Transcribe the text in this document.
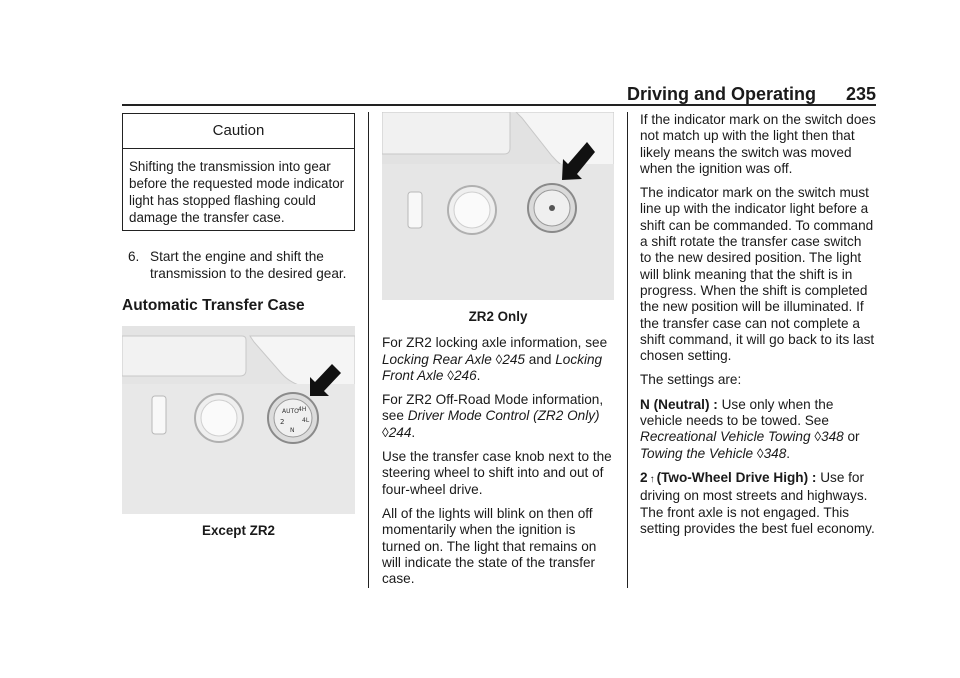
Driving and Operating 235
Caution
Shifting the transmission into gear before the requested mode indicator light has stopped flashing could damage the transfer case.
6. Start the engine and shift the transmission to the desired gear.
Automatic Transfer Case
AUTO
2
4H
4L
N
Except ZR2
ZR2 Only

For ZR2 locking axle information, see Locking Rear Axle ◊245 and Locking Front Axle ◊246.

For ZR2 Off-Road Mode information, see Driver Mode Control (ZR2 Only) ◊244.

Use the transfer case knob next to the steering wheel to shift into and out of four-wheel drive.

All of the lights will blink on then off momentarily when the ignition is turned on. The light that remains on will indicate the state of the transfer case.

If the indicator mark on the switch does not match up with the light then that likely means the switch was moved when the ignition was off.

The indicator mark on the switch must line up with the indicator light before a shift can be commanded. To command a shift rotate the transfer case switch to the new desired position. The light will blink meaning that the shift is in progress. When the shift is completed the new position will be illuminated. If the transfer case can not complete a shift command, it will go back to its last chosen setting.

The settings are:

N (Neutral) : Use only when the vehicle needs to be towed. See Recreational Vehicle Towing ◊348 or Towing the Vehicle ◊348.

2 ↑ (Two-Wheel Drive High) : Use for driving on most streets and highways. The front axle is not engaged. This setting provides the best fuel economy.
